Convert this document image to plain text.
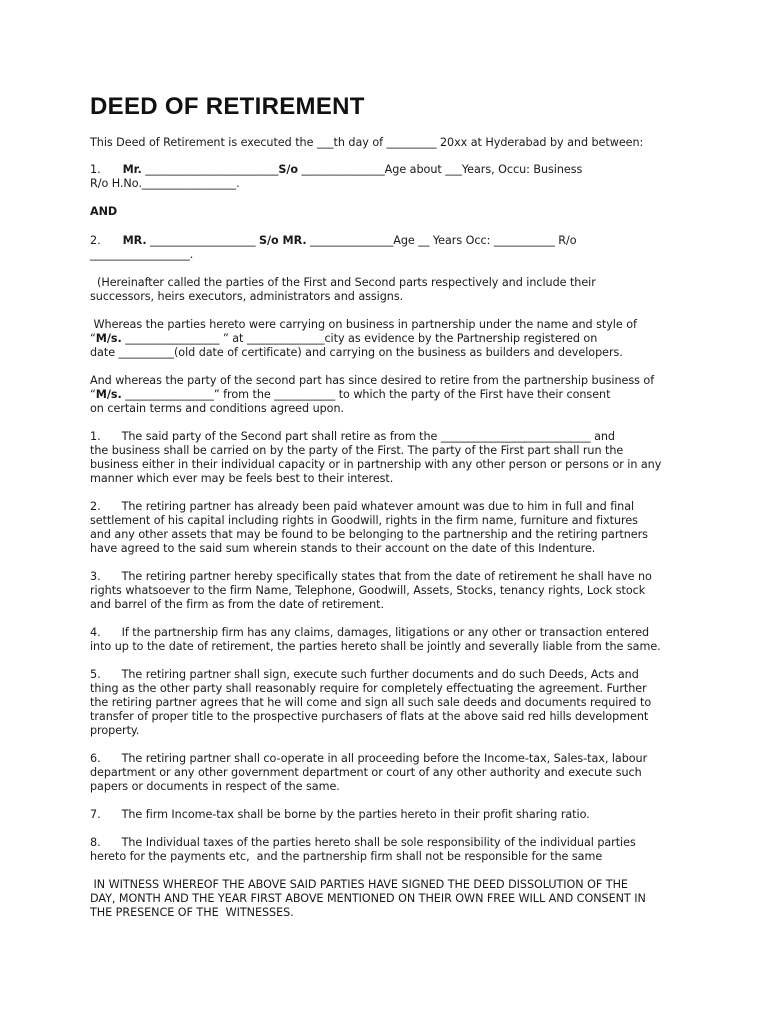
DEED OF RETIREMENT

This Deed of Retirement is executed the ___th day of _________ 20xx at Hyderabad by and between:

1. Mr. ________________________S/o _______________Age about ___Years, Occu: Business

R/o H.No._________________.

AND

2. MR. ___________________ S/o MR. _______________Age __ Years Occ: ___________ R/o

__________________.

(Hereinafter called the parties of the First and Second parts respectively and include their

successors, heirs executors, administrators and assigns.

Whereas the parties hereto were carrying on business in partnership under the name and style of

“M/s. _________________ ” at ______________city as evidence by the Partnership registered on

date __________(old date of certificate) and carrying on the business as builders and developers.

And whereas the party of the second part has since desired to retire from the partnership business of

“M/s. ________________” from the ___________ to which the party of the First have their consent

on certain terms and conditions agreed upon.

1.      The said party of the Second part shall retire as from the ___________________________ and

the business shall be carried on by the party of the First. The party of the First part shall run the

business either in their individual capacity or in partnership with any other person or persons or in any

manner which ever may be feels best to their interest.

2.      The retiring partner has already been paid whatever amount was due to him in full and final

settlement of his capital including rights in Goodwill, rights in the firm name, furniture and fixtures

and any other assets that may be found to be belonging to the partnership and the retiring partners

have agreed to the said sum wherein stands to their account on the date of this Indenture.

3.      The retiring partner hereby specifically states that from the date of retirement he shall have no

rights whatsoever to the firm Name, Telephone, Goodwill, Assets, Stocks, tenancy rights, Lock stock

and barrel of the firm as from the date of retirement.

4.      If the partnership firm has any claims, damages, litigations or any other or transaction entered

into up to the date of retirement, the parties hereto shall be jointly and severally liable from the same.

5.      The retiring partner shall sign, execute such further documents and do such Deeds, Acts and

thing as the other party shall reasonably require for completely effectuating the agreement. Further

the retiring partner agrees that he will come and sign all such sale deeds and documents required to

transfer of proper title to the prospective purchasers of flats at the above said red hills development

property.

6.      The retiring partner shall co-operate in all proceeding before the Income-tax, Sales-tax, labour

department or any other government department or court of any other authority and execute such

papers or documents in respect of the same.

7.      The firm Income-tax shall be borne by the parties hereto in their profit sharing ratio.

8.      The Individual taxes of the parties hereto shall be sole responsibility of the individual parties

hereto for the payments etc,  and the partnership firm shall not be responsible for the same

IN WITNESS WHEREOF THE ABOVE SAID PARTIES HAVE SIGNED THE DEED DISSOLUTION OF THE

DAY, MONTH AND THE YEAR FIRST ABOVE MENTIONED ON THEIR OWN FREE WILL AND CONSENT IN

THE PRESENCE OF THE  WITNESSES.
